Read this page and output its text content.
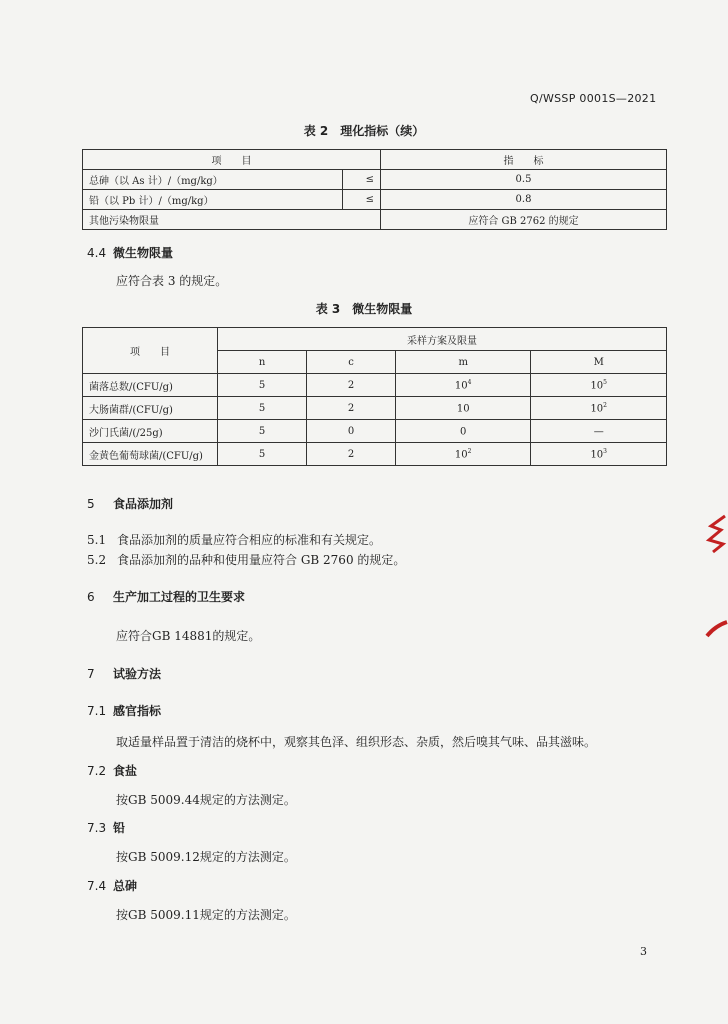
Q/WSSP 0001S—2021
表 2　理化指标（续）
项　　目		指　　标
总砷（以 As 计）/（mg/kg）	≤	0.5
铅（以 Pb 计）/（mg/kg）	≤	0.8
其他污染物限量		应符合 GB 2762 的规定
4.4 微生物限量
应符合表 3 的规定。
表 3　微生物限量
项　　目	采样方案及限量			
	n	c	m	M
菌落总数/(CFU/g)	5	2	$10^4$	$10^5$
大肠菌群/(CFU/g)	5	2	10	$10^2$
沙门氏菌/(/25g)	5	0	0	—
金黄色葡萄球菌/(CFU/g)	5	2	$10^2$	$10^3$
5 食品添加剂
5.1 食品添加剂的质量应符合相应的标准和有关规定。
5.2 食品添加剂的品种和使用量应符合 GB 2760 的规定。
6 生产加工过程的卫生要求
应符合GB 14881的规定。
7 试验方法
7.1 感官指标
取适量样品置于清洁的烧杯中，观察其色泽、组织形态、杂质，然后嗅其气味、品其滋味。
7.2 食盐
按GB 5009.44规定的方法测定。
7.3 铅
按GB 5009.12规定的方法测定。
7.4 总砷
按GB 5009.11规定的方法测定。
3
